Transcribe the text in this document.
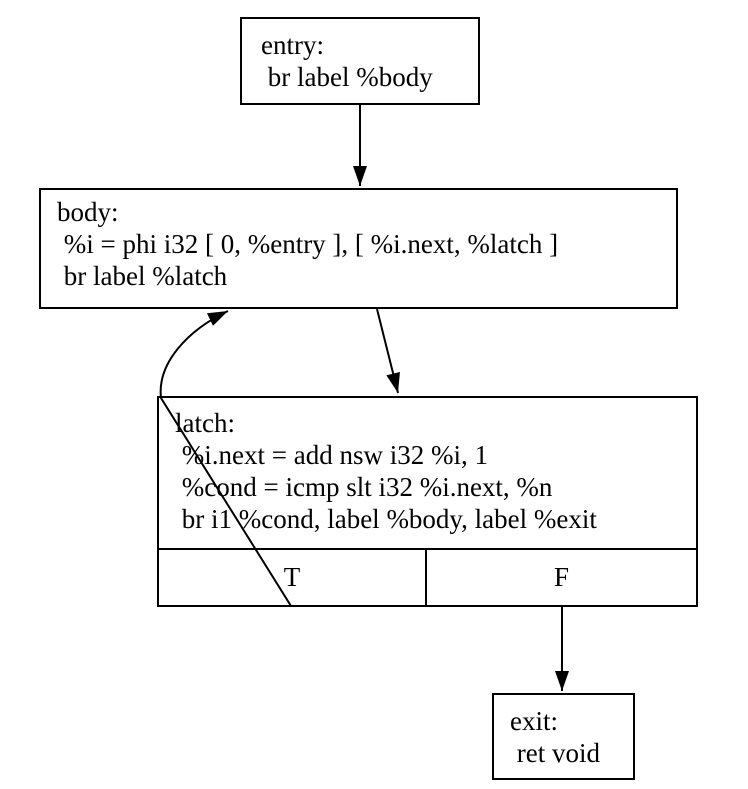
entry:
br label %body
body:
%i = phi i32 [ 0, %entry ], [ %i.next, %latch ]
br label %latch
latch:
%i.next = add nsw i32 %i, 1
%cond = icmp slt i32 %i.next, %n
br i1 %cond, label %body, label %exit
T	F
exit:
ret void
